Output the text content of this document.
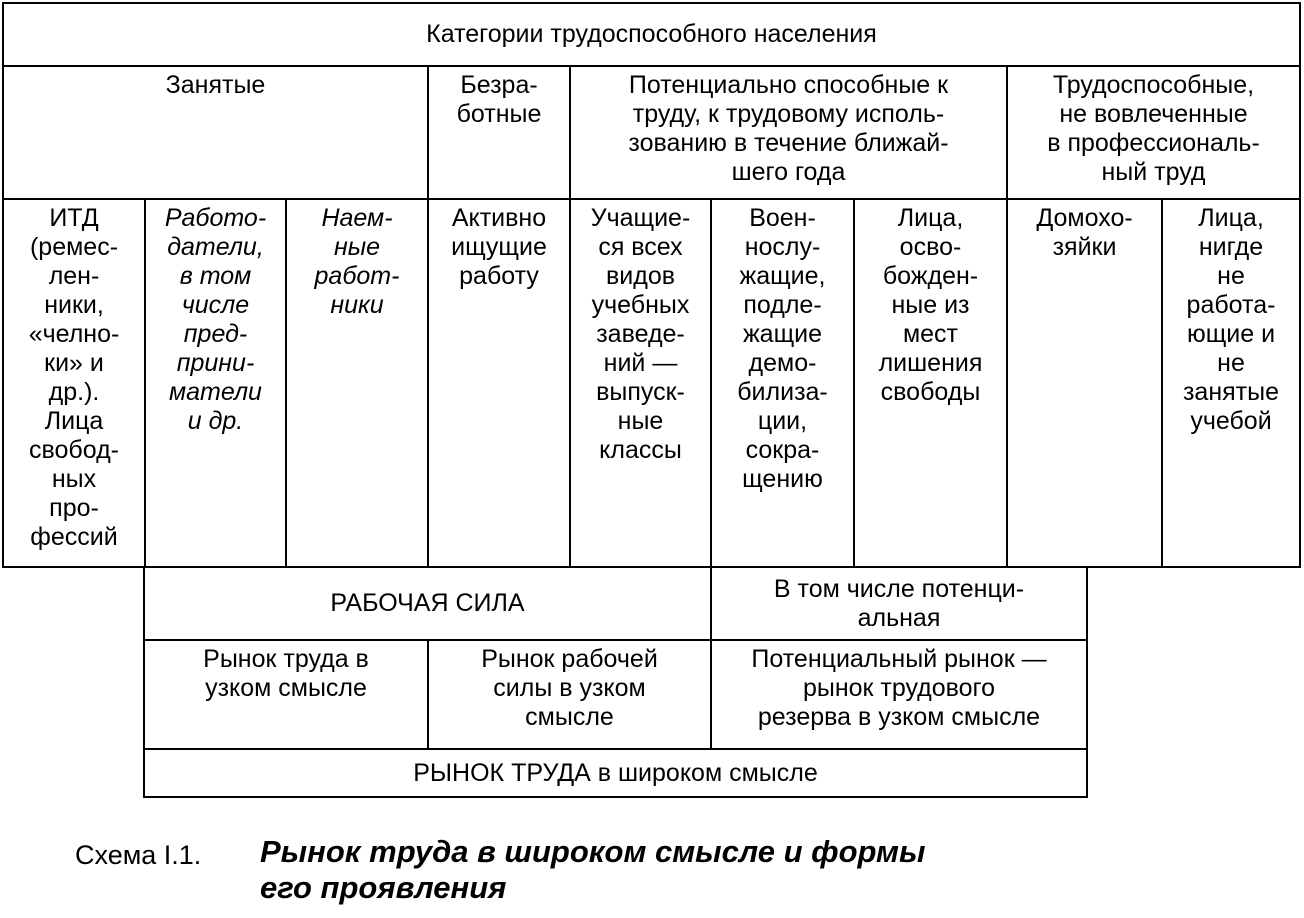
Категории трудоспособного населения
Занятые	Безра-
ботные
Потенциально способные к
труду, к трудовому исполь-
зованию в течение ближай-
шего года
Трудоспособные,
не вовлеченные
в профессиональ-
ный труд
ИТД
(ремес-
лен-
ники,
«челно-
ки» и
др.).
Лица
свобод-
ных
про-
фессий
Работо-
датели,
в том
числе
пред-
прини-
матели
и др.
Наем-
ные
работ-
ники
Активно
ищущие
работу
Учащие-
ся всех
видов
учебных
заведе-
ний —
выпуск-
ные
классы
Воен-
нослу-
жащие,
подле-
жащие
демо-
билиза-
ции,
сокра-
щению
Лица,
осво-
божден-
ные из
мест
лишения
свободы
Домохо-
зяйки
Лица,
нигде
не
работа-
ющие и
не
занятые
учебой
РАБОЧАЯ СИЛА
В том числе потенци-
альная
Рынок труда в
узком смысле
Рынок рабочей
силы в узком
смысле
Потенциальный рынок —
рынок трудового
резерва в узком смысле
РЫНОК ТРУДА в широком смысле
Схема I.1. Рынок труда в широком смысле и формы
его проявления
